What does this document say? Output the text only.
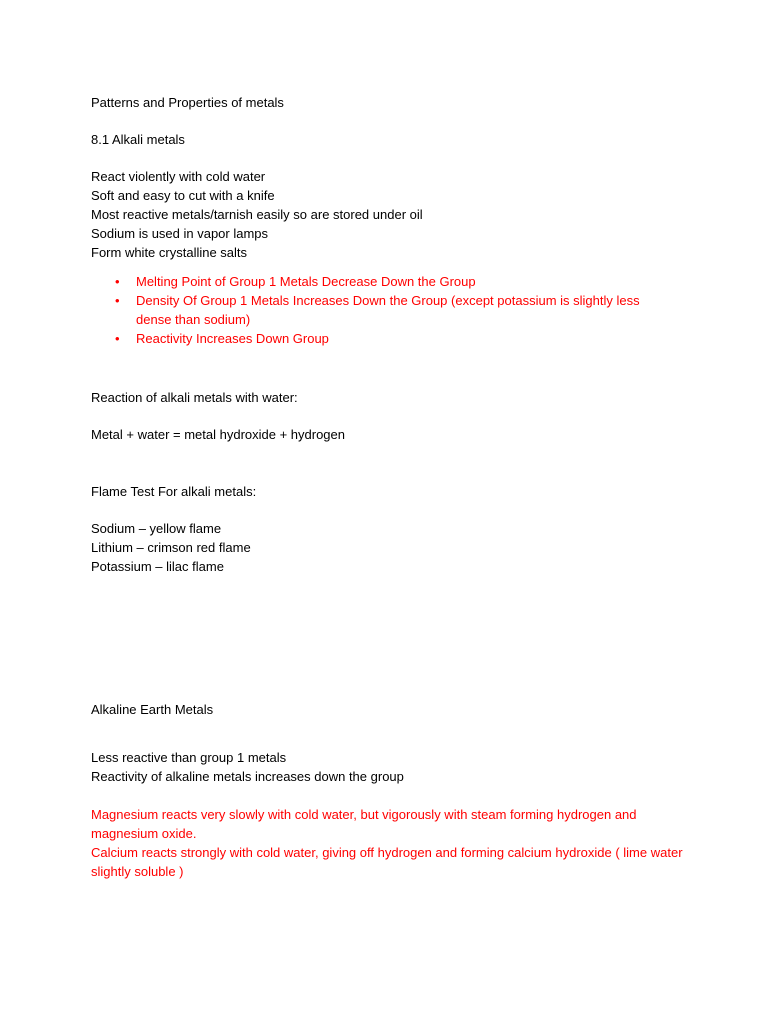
Patterns and Properties of metals

8.1 Alkali metals

React violently with cold water

Soft and easy to cut with a knife

Most reactive metals/tarnish easily so are stored under oil

Sodium is used in vapor lamps

Form white crystalline salts

• Melting Point of Group 1 Metals Decrease Down the Group
• Density Of Group 1 Metals Increases Down the Group (except potassium is slightly less dense than sodium)
• Reactivity Increases Down Group

Reaction of alkali metals with water:

Metal + water = metal hydroxide + hydrogen

Flame Test For alkali metals:

Sodium – yellow flame

Lithium – crimson red flame

Potassium – lilac flame

Alkaline Earth Metals

Less reactive than group 1 metals

Reactivity of alkaline metals increases down the group

Magnesium reacts very slowly with cold water, but vigorously with steam forming hydrogen and magnesium oxide.

Calcium reacts strongly with cold water, giving off hydrogen and forming calcium hydroxide ( lime water slightly soluble )
